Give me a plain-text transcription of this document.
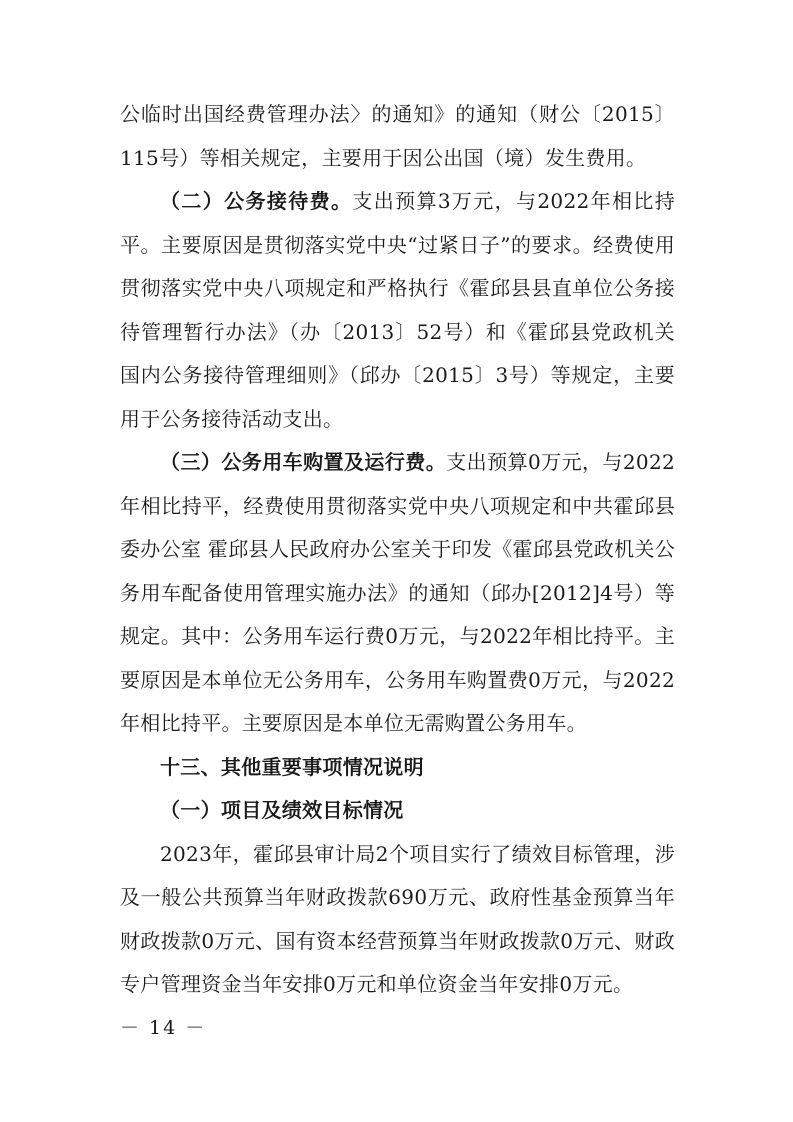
公临时出国经费管理办法〉的通知》的通知（财公〔2015〕115号）等相关规定，主要用于因公出国（境）发生费用。

（二）公务接待费。支出预算3万元，与2022年相比持平。主要原因是贯彻落实党中央“过紧日子”的要求。经费使用贯彻落实党中央八项规定和严格执行《霍邱县县直单位公务接待管理暂行办法》（办〔2013〕52号）和《霍邱县党政机关国内公务接待管理细则》（邱办〔2015〕3号）等规定，主要用于公务接待活动支出。

（三）公务用车购置及运行费。支出预算0万元，与2022年相比持平，经费使用贯彻落实党中央八项规定和中共霍邱县委办公室 霍邱县人民政府办公室关于印发《霍邱县党政机关公务用车配备使用管理实施办法》的通知（邱办[2012]4号）等规定。其中：公务用车运行费0万元，与2022年相比持平。主要原因是本单位无公务用车，公务用车购置费0万元，与2022年相比持平。主要原因是本单位无需购置公务用车。

十三、其他重要事项情况说明

（一）项目及绩效目标情况

2023年，霍邱县审计局2个项目实行了绩效目标管理，涉及一般公共预算当年财政拨款690万元、政府性基金预算当年财政拨款0万元、国有资本经营预算当年财政拨款0万元、财政专户管理资金当年安排0万元和单位资金当年安排0万元。

－ 14 －
